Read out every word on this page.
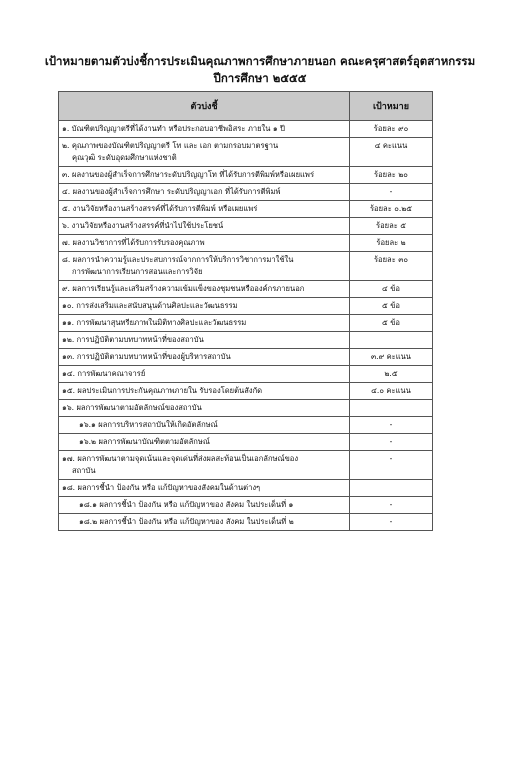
เป้าหมายตามตัวบ่งชี้การประเมินคุณภาพการศึกษาภายนอก คณะครุศาสตร์อุตสาหกรรม
ปีการศึกษา ๒๕๕๕
ตัวบ่งชี้	เป้าหมาย
๑. บัณฑิตปริญญาตรีที่ได้งานทำ หรือประกอบอาชีพอิสระ ภายใน ๑ ปี	ร้อยละ ๙๐
๒. คุณภาพของบัณฑิตปริญญาตรี โท และ เอก ตามกรอบมาตรฐาน
คุณวุฒิ ระดับอุดมศึกษาแห่งชาติ	๔ คะแนน
๓. ผลงานของผู้สำเร็จการศึกษาระดับปริญญาโท ที่ได้รับการตีพิมพ์หรือเผยแพร่	ร้อยละ ๒๐
๔. ผลงานของผู้สำเร็จการศึกษา ระดับปริญญาเอก ที่ได้รับการตีพิมพ์	-
๕. งานวิจัยหรืองานสร้างสรรค์ที่ได้รับการตีพิมพ์ หรือเผยแพร่	ร้อยละ ๐.๒๕
๖. งานวิจัยหรืองานสร้างสรรค์ที่นำไปใช้ประโยชน์	ร้อยละ ๕
๗. ผลงานวิชาการที่ได้รับการรับรองคุณภาพ	ร้อยละ ๒
๘. ผลการนำความรู้และประสบการณ์จากการให้บริการวิชาการมาใช้ใน
การพัฒนาการเรียนการสอนและการวิจัย	ร้อยละ ๓๐
๙. ผลการเรียนรู้และเสริมสร้างความเข้มแข็งของชุมชนหรือองค์กรภายนอก	๔ ข้อ
๑๐. การส่งเสริมและสนับสนุนด้านศิลปะและวัฒนธรรม	๕ ข้อ
๑๑. การพัฒนาสุนทรียภาพในมิติทางศิลปะและวัฒนธรรม	๕ ข้อ
๑๒. การปฏิบัติตามบทบาทหน้าที่ของสถาบัน	
๑๓. การปฏิบัติตามบทบาทหน้าที่ของผู้บริหารสถาบัน	๓.๙ คะแนน
๑๔. การพัฒนาคณาจารย์	๒.๕
๑๕. ผลประเมินการประกันคุณภาพภายใน รับรองโดยต้นสังกัด	๔.๐ คะแนน
๑๖. ผลการพัฒนาตามอัตลักษณ์ของสถาบัน	
๑๖.๑ ผลการบริหารสถาบันให้เกิดอัตลักษณ์	-
๑๖.๒ ผลการพัฒนาบัณฑิตตามอัตลักษณ์	-
๑๗. ผลการพัฒนาตามจุดเน้นและจุดเด่นที่ส่งผลสะท้อนเป็นเอกลักษณ์ของ
สถาบัน	-
๑๘. ผลการชี้นำ ป้องกัน หรือ แก้ปัญหาของสังคมในด้านต่างๆ	
๑๘.๑ ผลการชี้นำ ป้องกัน หรือ แก้ปัญหาของ สังคม ในประเด็นที่ ๑	-
๑๘.๒ ผลการชี้นำ ป้องกัน หรือ แก้ปัญหาของ สังคม ในประเด็นที่ ๒	-
